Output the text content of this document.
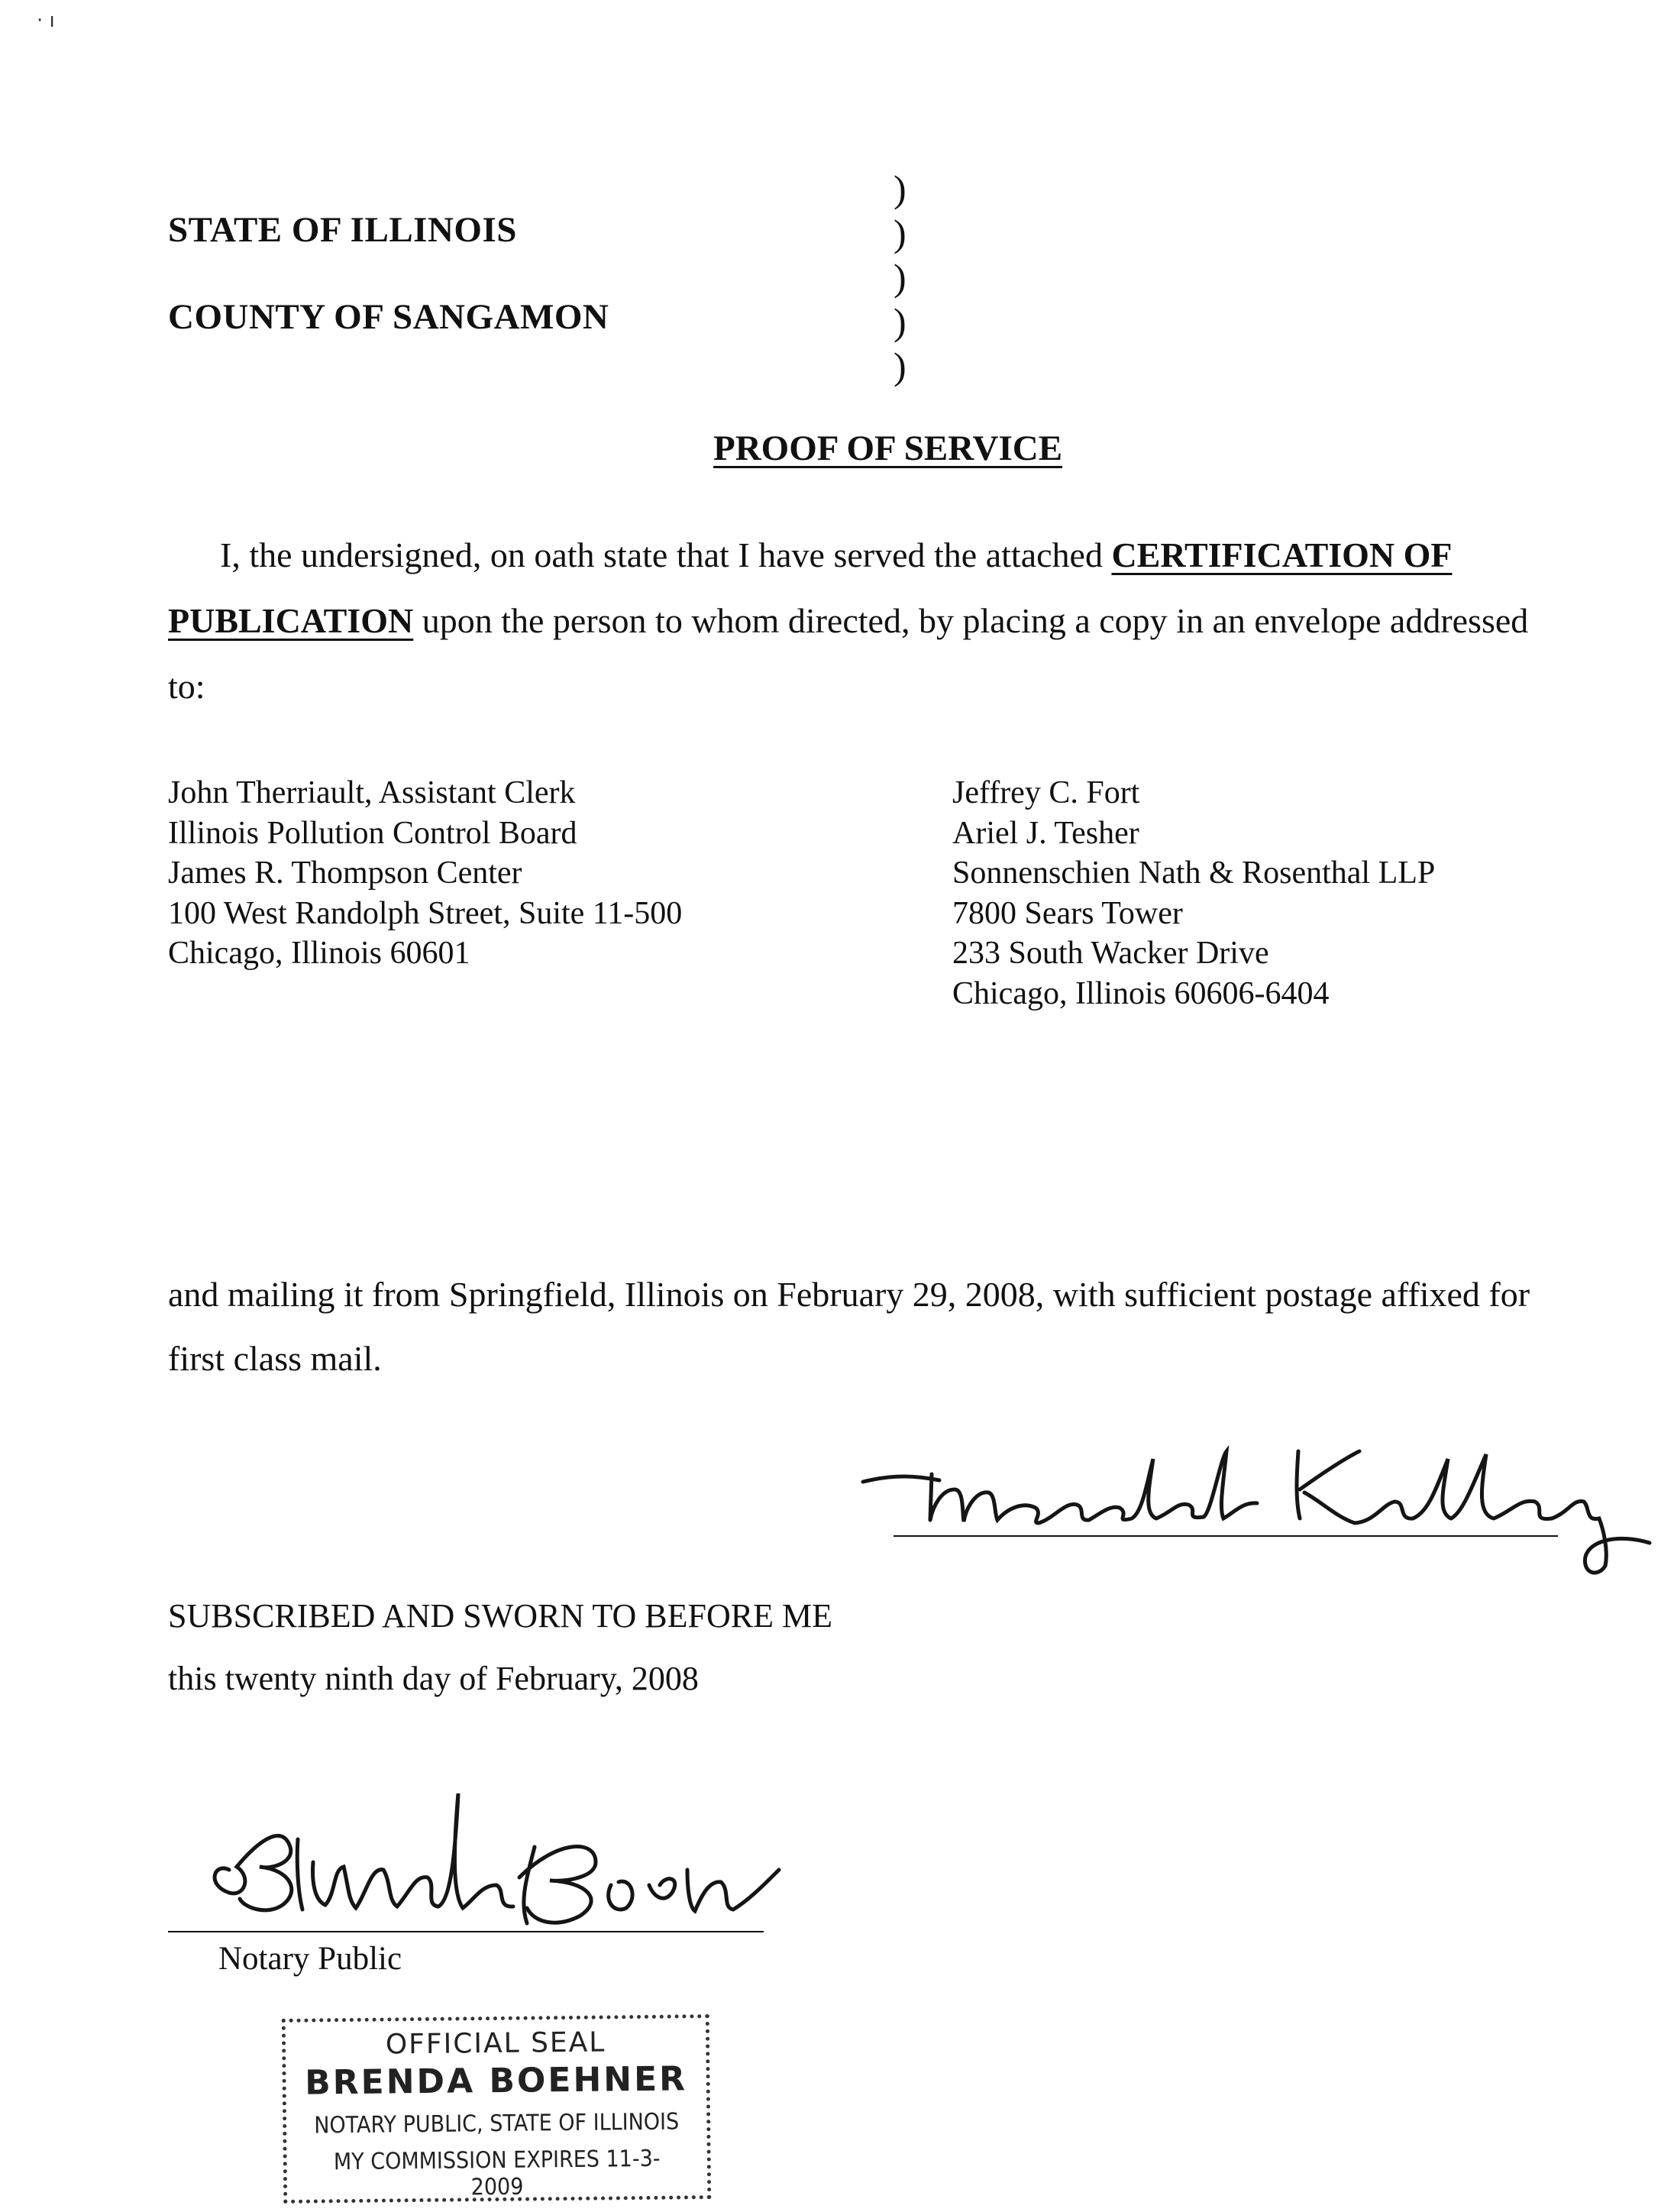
· ı
STATE OF ILLINOIS
COUNTY OF SANGAMON
)
)
)
)
)
PROOF OF SERVICE
I, the undersigned, on oath state that I have served the attached CERTIFICATION OF
PUBLICATION upon the person to whom directed, by placing a copy in an envelope addressed
to:
John Therriault, Assistant Clerk
Illinois Pollution Control Board
James R. Thompson Center
100 West Randolph Street, Suite 11-500
Chicago, Illinois 60601
Jeffrey C. Fort
Ariel J. Tesher
Sonnenschien Nath & Rosenthal LLP
7800 Sears Tower
233 South Wacker Drive
Chicago, Illinois 60606-6404
and mailing it from Springfield, Illinois on February 29, 2008, with sufficient postage affixed for
first class mail.
SUBSCRIBED AND SWORN TO BEFORE ME
this twenty ninth day of February, 2008
Notary Public
OFFICIAL SEAL
BRENDA BOEHNER
NOTARY PUBLIC, STATE OF ILLINOIS
MY COMMISSION EXPIRES 11-3-2009
